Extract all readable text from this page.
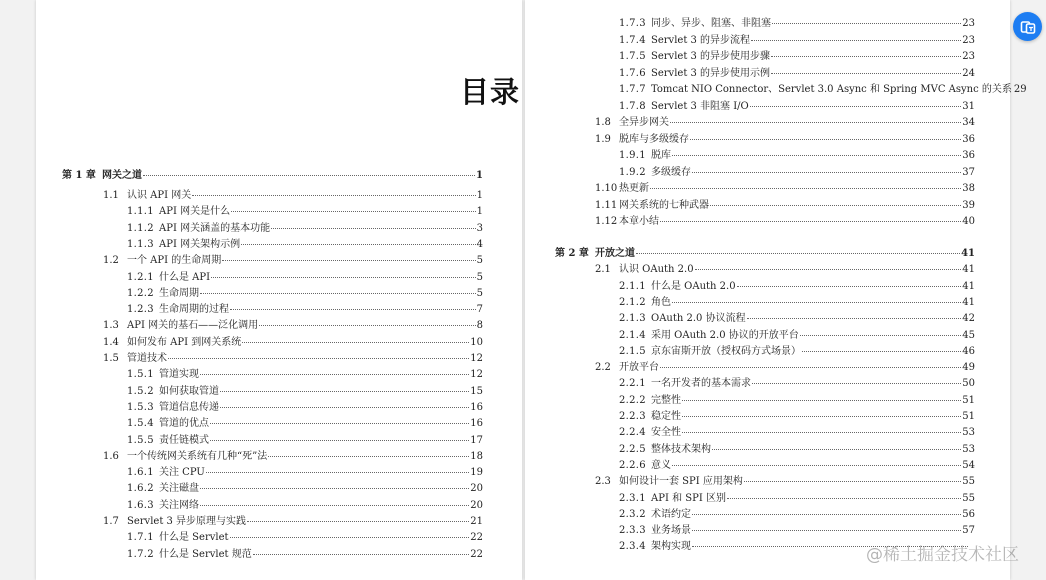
目录
第 1 章 网关之道	1
1.1 认识 API 网关	1
1.1.1 API 网关是什么	1
1.1.2 API 网关涵盖的基本功能	3
1.1.3 API 网关架构示例	4
1.2 一个 API 的生命周期	5
1.2.1 什么是 API	5
1.2.2 生命周期	5
1.2.3 生命周期的过程	7
1.3 API 网关的基石——泛化调用	8
1.4 如何发布 API 到网关系统	10
1.5 管道技术	12
1.5.1 管道实现	12
1.5.2 如何获取管道	15
1.5.3 管道信息传递	16
1.5.4 管道的优点	16
1.5.5 责任链模式	17
1.6 一个传统网关系统有几种“死”法	18
1.6.1 关注 CPU	19
1.6.2 关注磁盘	20
1.6.3 关注网络	20
1.7 Servlet 3 异步原理与实践	21
1.7.1 什么是 Servlet	22
1.7.2 什么是 Servlet 规范	22
1.7.3 同步、异步、阻塞、非阻塞	23
1.7.4 Servlet 3 的异步流程	23
1.7.5 Servlet 3 的异步使用步骤	23
1.7.6 Servlet 3 的异步使用示例	24
1.7.7 Tomcat NIO Connector、Servlet 3.0 Async 和 Spring MVC Async 的关系 29
1.7.8 Servlet 3 非阻塞 I/O	31
1.8 全异步网关	34
1.9 脱库与多级缓存	36
1.9.1 脱库	36
1.9.2 多级缓存	37
1.10 热更新	38
1.11 网关系统的七种武器	39
1.12 本章小结	40
第 2 章 开放之道	41
2.1 认识 OAuth 2.0	41
2.1.1 什么是 OAuth 2.0	41
2.1.2 角色	41
2.1.3 OAuth 2.0 协议流程	42
2.1.4 采用 OAuth 2.0 协议的开放平台	45
2.1.5 京东宙斯开放（授权码方式场景）	46
2.2 开放平台	49
2.2.1 一名开发者的基本需求	50
2.2.2 完整性	51
2.2.3 稳定性	51
2.2.4 安全性	53
2.2.5 整体技术架构	53
2.2.6 意义	54
2.3 如何设计一套 SPI 应用架构	55
2.3.1 API 和 SPI 区别	55
2.3.2 术语约定	56
2.3.3 业务场景	57
2.3.4 架构实现	@稀土掘金技术社区
